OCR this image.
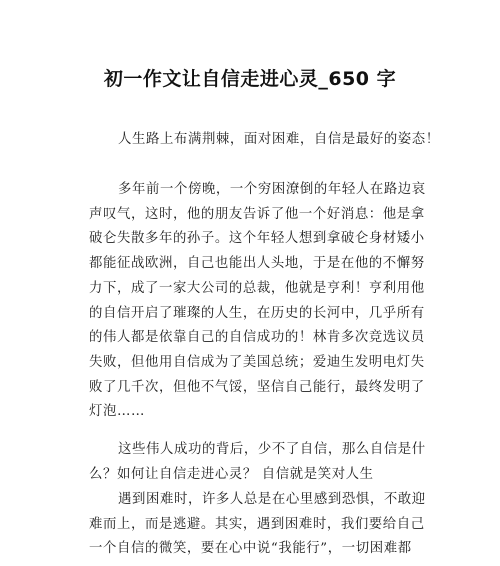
初一作文让自信走进心灵_650 字
人生路上布满荆棘，面对困难，自信是最好的姿态！
多年前一个傍晚，一个穷困潦倒的年轻人在路边哀
声叹气，这时，他的朋友告诉了他一个好消息：他是拿
破仑失散多年的孙子。这个年轻人想到拿破仑身材矮小
都能征战欧洲，自己也能出人头地，于是在他的不懈努
力下，成了一家大公司的总裁，他就是亨利！亨利用他
的自信开启了璀璨的人生，在历史的长河中，几乎所有
的伟人都是依靠自己的自信成功的！林肯多次竞选议员
失败，但他用自信成为了美国总统；爱迪生发明电灯失
败了几千次，但他不气馁，坚信自己能行，最终发明了
灯泡……
这些伟人成功的背后，少不了自信，那么自信是什
么？如何让自信走进心灵？ 自信就是笑对人生
遇到困难时，许多人总是在心里感到恐惧，不敢迎
难而上，而是逃避。其实，遇到困难时，我们要给自己
一个自信的微笑，要在心中说“我能行”，一切困难都
